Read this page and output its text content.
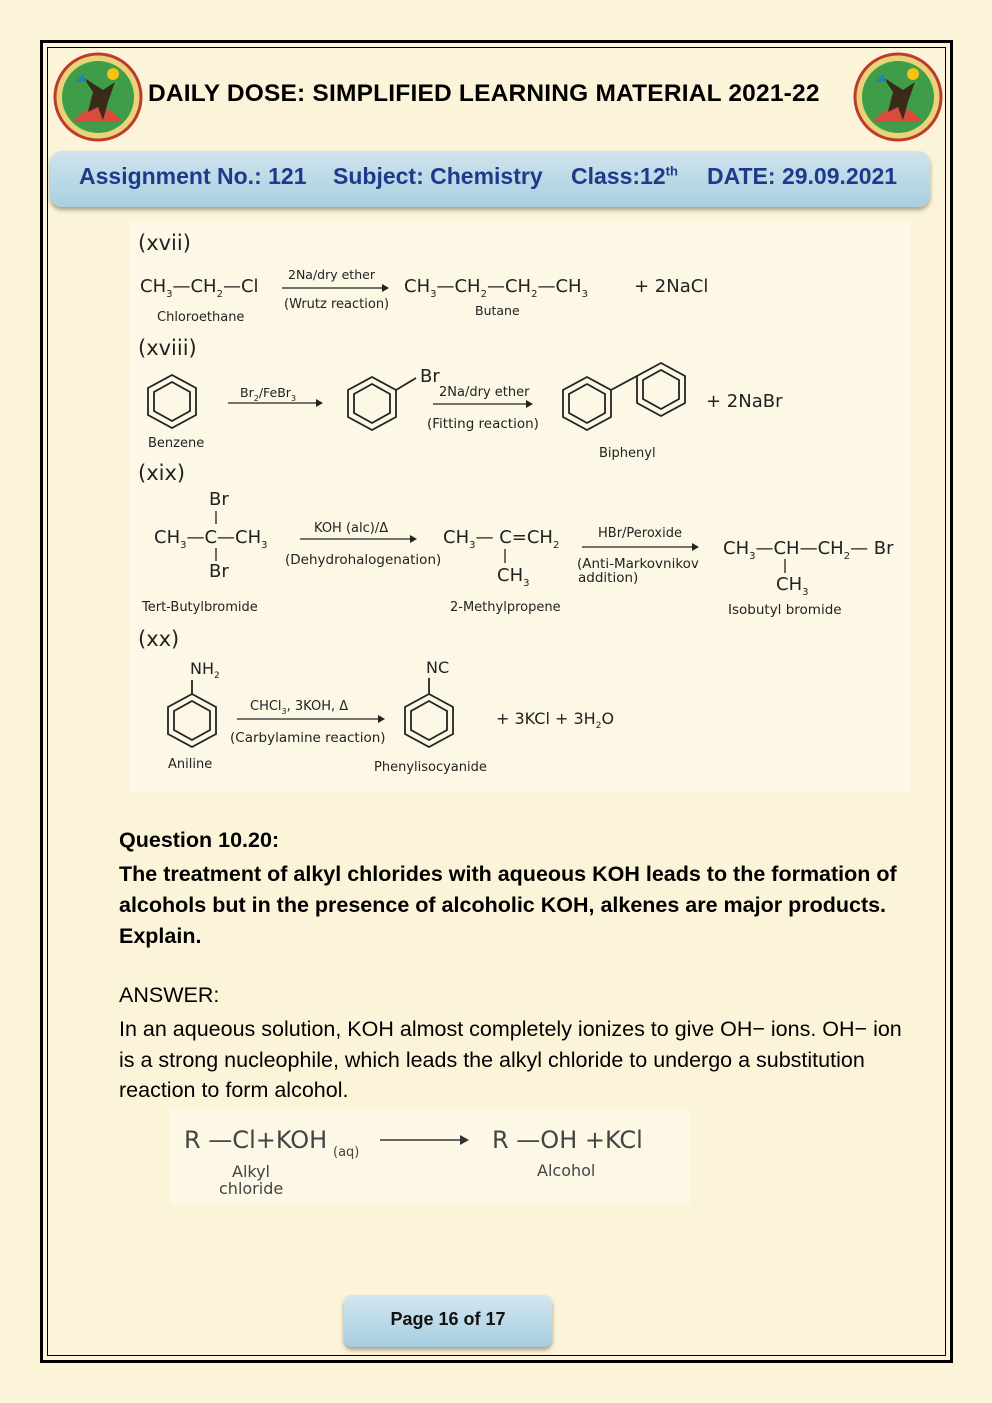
DAILY DOSE: SIMPLIFIED LEARNING MATERIAL 2021-22
Assignment No.: 121 Subject: Chemistry Class:12th DATE: 29.09.2021
(xvii)
$CH_3—CH_2—Cl$
Chloroethane
2Na/dry ether
(Wrutz reaction)
$CH_3—CH_2—CH_2—CH_3$
Butane
+ 2NaCl
(xviii)
Benzene
$Br_2/FeBr_3$
Br
2Na/dry ether
(Fitting reaction)
Biphenyl
+ 2NaBr
(xix)
Br
$CH_3—C—CH_3$
Br
Tert-Butylbromide
KOH (alc)/Δ
(Dehydrohalogenation)
$CH_3—$ $C=CH_2$
$CH_3$
2-Methylpropene
HBr/Peroxide
(Anti-Markovnikov
addition)
$CH_3—CH—CH_2—$ Br
$CH_3$
Isobutyl bromide
(xx)
$NH_2$
Aniline
CHCl$_3$, 3KOH, Δ
(Carbylamine reaction)
NC
Phenylisocyanide
+ $3KCl + 3H_2O$
Question 10.20:
The treatment of alkyl chlorides with aqueous KOH leads to the formation of alcohols but in the presence of alcoholic KOH, alkenes are major products. Explain.
ANSWER:
In an aqueous solution, KOH almost completely ionizes to give OH− ions. OH− ion is a strong nucleophile, which leads the alkyl chloride to undergo a substitution reaction to form alcohol.
R —Cl+KOH (aq)	R —OH +KCl
Alkyl
chloride
Alcohol
Page 16 of 17
